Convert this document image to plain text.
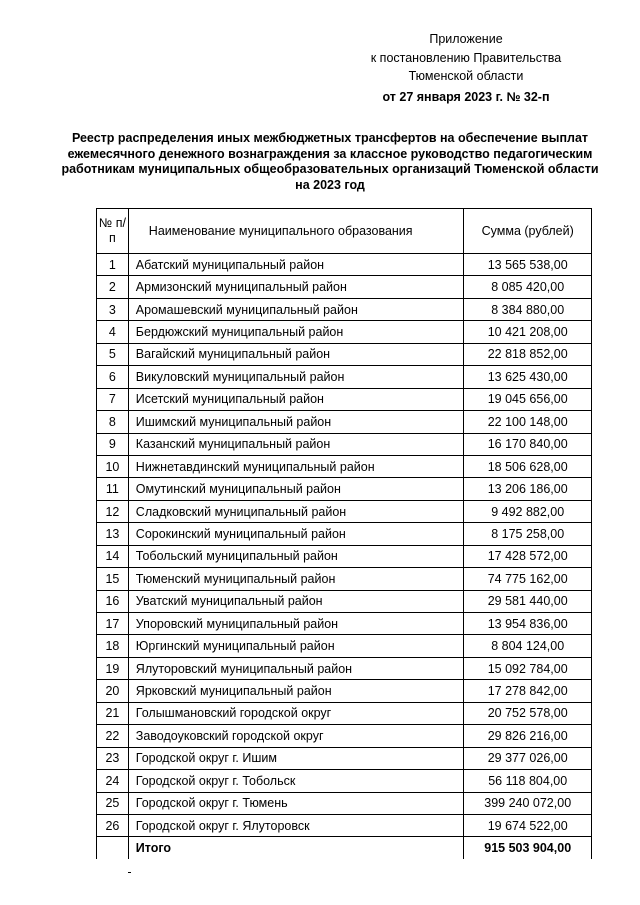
Приложение
к постановлению Правительства
Тюменской области
от 27 января 2023 г. № 32-п
Реестр распределения иных межбюджетных трансфертов на обеспечение выплат ежемесячного денежного вознаграждения за классное руководство педагогическим работникам муниципальных общеобразовательных организаций Тюменской области на 2023 год
№ п/п	Наименование муниципального образования	Сумма (рублей)
1	Абатский муниципальный район	13 565 538,00
2	Армизонский муниципальный район	8 085 420,00
3	Аромашевский муниципальный район	8 384 880,00
4	Бердюжский муниципальный район	10 421 208,00
5	Вагайский муниципальный район	22 818 852,00
6	Викуловский муниципальный район	13 625 430,00
7	Исетский муниципальный район	19 045 656,00
8	Ишимский муниципальный район	22 100 148,00
9	Казанский муниципальный район	16 170 840,00
10	Нижнетавдинский муниципальный район	18 506 628,00
11	Омутинский муниципальный район	13 206 186,00
12	Сладковский муниципальный район	9 492 882,00
13	Сорокинский муниципальный район	8 175 258,00
14	Тобольский муниципальный район	17 428 572,00
15	Тюменский муниципальный район	74 775 162,00
16	Уватский муниципальный район	29 581 440,00
17	Упоровский муниципальный район	13 954 836,00
18	Юргинский муниципальный район	8 804 124,00
19	Ялуторовский муниципальный район	15 092 784,00
20	Ярковский муниципальный район	17 278 842,00
21	Голышмановский городской округ	20 752 578,00
22	Заводоуковский городской округ	29 826 216,00
23	Городской округ г. Ишим	29 377 026,00
24	Городской округ г. Тобольск	56 118 804,00
25	Городской округ г. Тюмень	399 240 072,00
26	Городской округ г. Ялуторовск	19 674 522,00
	Итого	915 503 904,00
